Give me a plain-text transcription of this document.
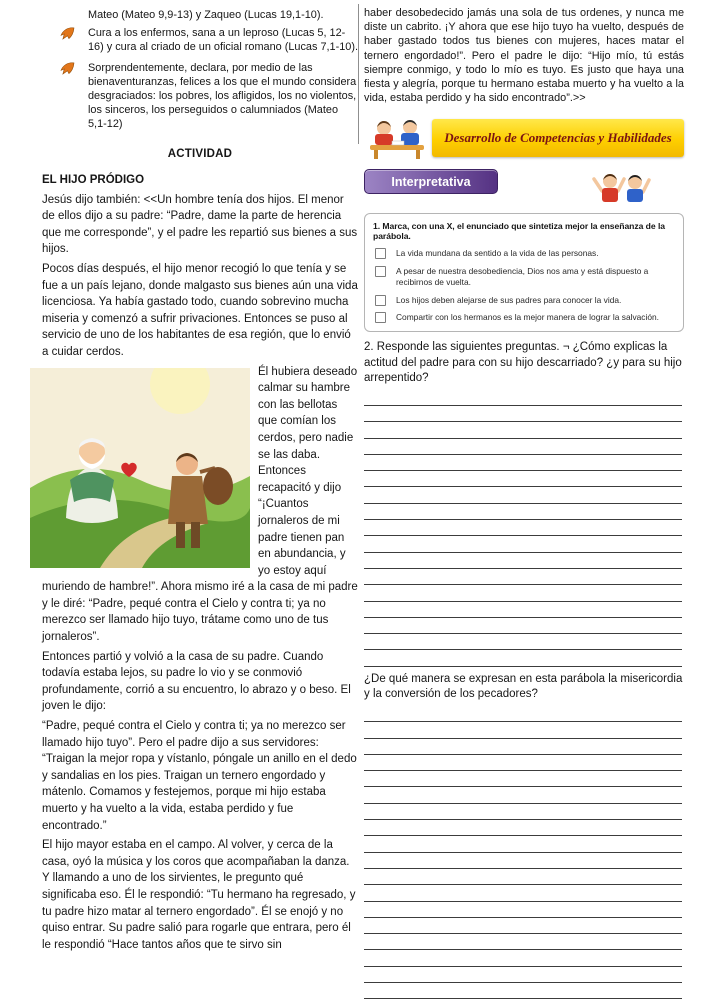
Mateo (Mateo 9,9-13) y Zaqueo (Lucas 19,1-10).

Cura a los enfermos, sana a un leproso (Lucas 5, 12-16) y cura al criado de un oficial romano (Lucas 7,1-10).

Sorprendentemente, declara, por medio de las bienaventuranzas, felices a los que el mundo considera desgraciados: los pobres, los afligidos, los no violentos, los sinceros, los perseguidos o calumniados (Mateo 5,1-12)

ACTIVIDAD
EL HIJO PRÓDIGO

Jesús dijo también: <<Un hombre tenía dos hijos. El menor de ellos dijo a su padre: “Padre, dame la parte de herencia que me corresponde”, y el padre les repartió sus bienes a sus hijos.

Pocos días después, el hijo menor recogió lo que tenía y se fue a un país lejano, donde malgasto sus bienes aún una vida licenciosa. Ya había gastado todo, cuando sobrevino mucha miseria y comenzó a sufrir privaciones. Entonces se puso al servicio de uno de los habitantes de esa región, que lo envió a cuidar cerdos.

Él hubiera deseado calmar su hambre con las bellotas que comían los cerdos, pero nadie se las daba. Entonces recapacitó y dijo “¡Cuantos jornaleros de mi padre tienen pan en abundancia, y yo estoy aquí muriendo de hambre!”. Ahora mismo iré a la casa de mi padre y le diré: “Padre, pequé contra el Cielo y contra ti; ya no merezco ser llamado hijo tuyo, trátame como uno de tus jornaleros”.

Entonces partió y volvió a la casa de su padre. Cuando todavía estaba lejos, su padre lo vio y se conmovió profundamente, corrió a su encuentro, lo abrazo y o beso. El joven le dijo:

“Padre, pequé contra el Cielo y contra ti; ya no merezco ser llamado hijo tuyo”. Pero el padre dijo a sus servidores: “Traigan la mejor ropa y vístanlo, póngale un anillo en el dedo y sandalias en los pies. Traigan un ternero engordado y mátenlo. Comamos y festejemos, porque mi hijo estaba muerto y ha vuelto a la vida, estaba perdido y fue encontrado.”

El hijo mayor estaba en el campo. Al volver, y cerca de la casa, oyó la música y los coros que acompañaban la danza. Y llamando a uno de los sirvientes, le pregunto qué significaba eso. Él le respondió: “Tu hermano ha regresado, y tu padre hizo matar al ternero engordado”. Él se enojó y no quiso entrar. Su padre salió para rogarle que entrara, pero él le respondió “Hace tantos años que te sirvo sin

haber desobedecido jamás una sola de tus ordenes, y nunca me diste un cabrito. ¡Y ahora que ese hijo tuyo ha vuelto, después de haber gastado todos tus bienes con mujeres, haces matar el ternero engordado!”. Pero el padre le dijo: “Hijo mío, tú estás siempre conmigo, y todo lo mío es tuyo. Es justo que haya una fiesta y alegría, porque tu hermano estaba muerto y ha vuelto a la vida, estaba perdido y ha sido encontrado”.>>

Desarrollo de Competencias y Habilidades
Interpretativa

1. Marca, con una X, el enunciado que sintetiza mejor la enseñanza de la parábola.

La vida mundana da sentido a la vida de las personas.

A pesar de nuestra desobediencia, Dios nos ama y está dispuesto a recibirnos de vuelta.

Los hijos deben alejarse de sus padres para conocer la vida.

Compartir con los hermanos es la mejor manera de lograr la salvación.

2. Responde las siguientes preguntas. ¬ ¿Cómo explicas la actitud del padre para con su hijo descarriado? ¿y para su hijo arrepentido?

¿De qué manera se expresan en esta parábola la misericordia y la conversión de los pecadores?
